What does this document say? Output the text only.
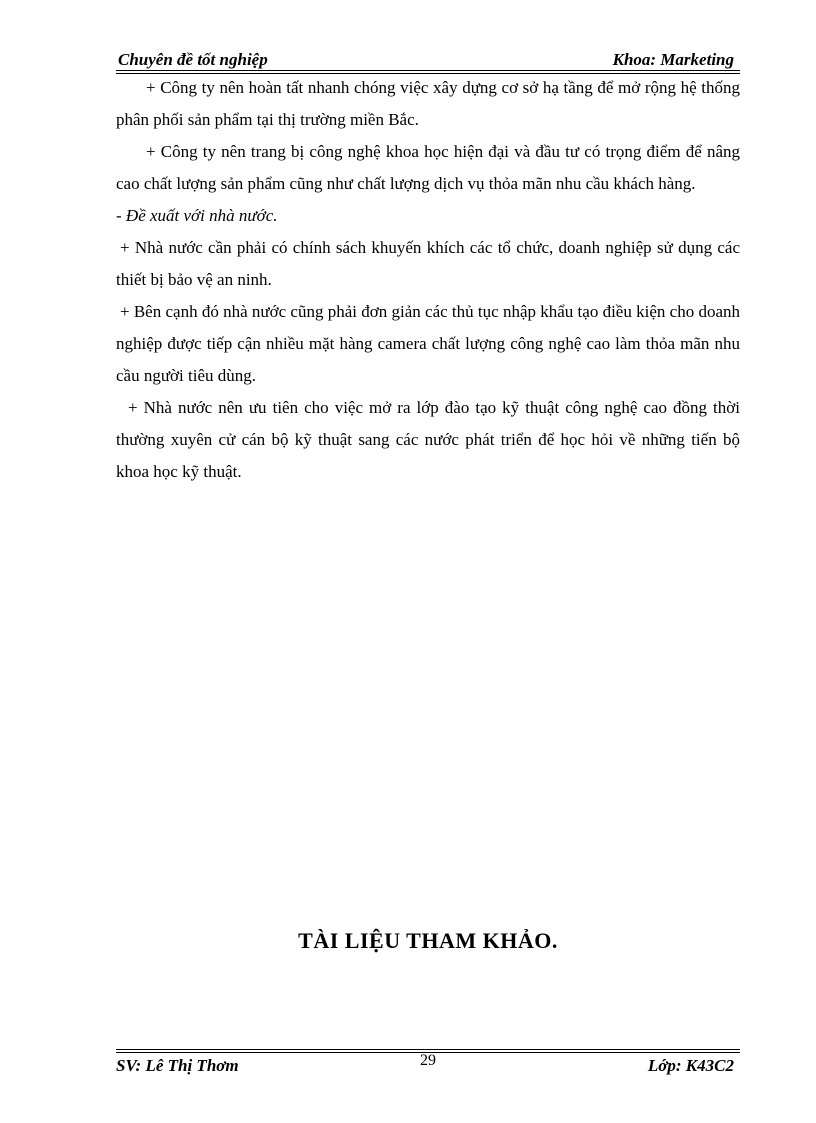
Chuyên đề tốt nghiệp	Khoa: Marketing

+ Công ty nên hoàn tất nhanh chóng việc xây dựng cơ sở hạ tầng để mở rộng hệ thống phân phối sản phẩm tại thị trường miền Bắc.

+ Công ty nên trang bị công nghệ khoa học hiện đại và đầu tư có trọng điểm để nâng cao chất lượng sản phẩm cũng như chất lượng dịch vụ thỏa mãn nhu cầu khách hàng.

- Đề xuất với nhà nước.

+ Nhà nước cần phải có chính sách khuyến khích các tổ chức, doanh nghiệp sử dụng các thiết bị bảo vệ an ninh.

+ Bên cạnh đó nhà nước cũng phải đơn giản các thủ tục nhập khẩu tạo điều kiện cho doanh nghiệp được tiếp cận nhiều mặt hàng camera chất lượng công nghệ cao làm thỏa mãn nhu cầu người tiêu dùng.

+ Nhà nước nên ưu tiên cho việc mở ra lớp đào tạo kỹ thuật công nghệ cao đồng thời thường xuyên cử cán bộ kỹ thuật sang các nước phát triển để học hỏi về những tiến bộ khoa học kỹ thuật.

TÀI LIỆU THAM KHẢO.
SV: Lê Thị Thơm	29	Lớp: K43C2
